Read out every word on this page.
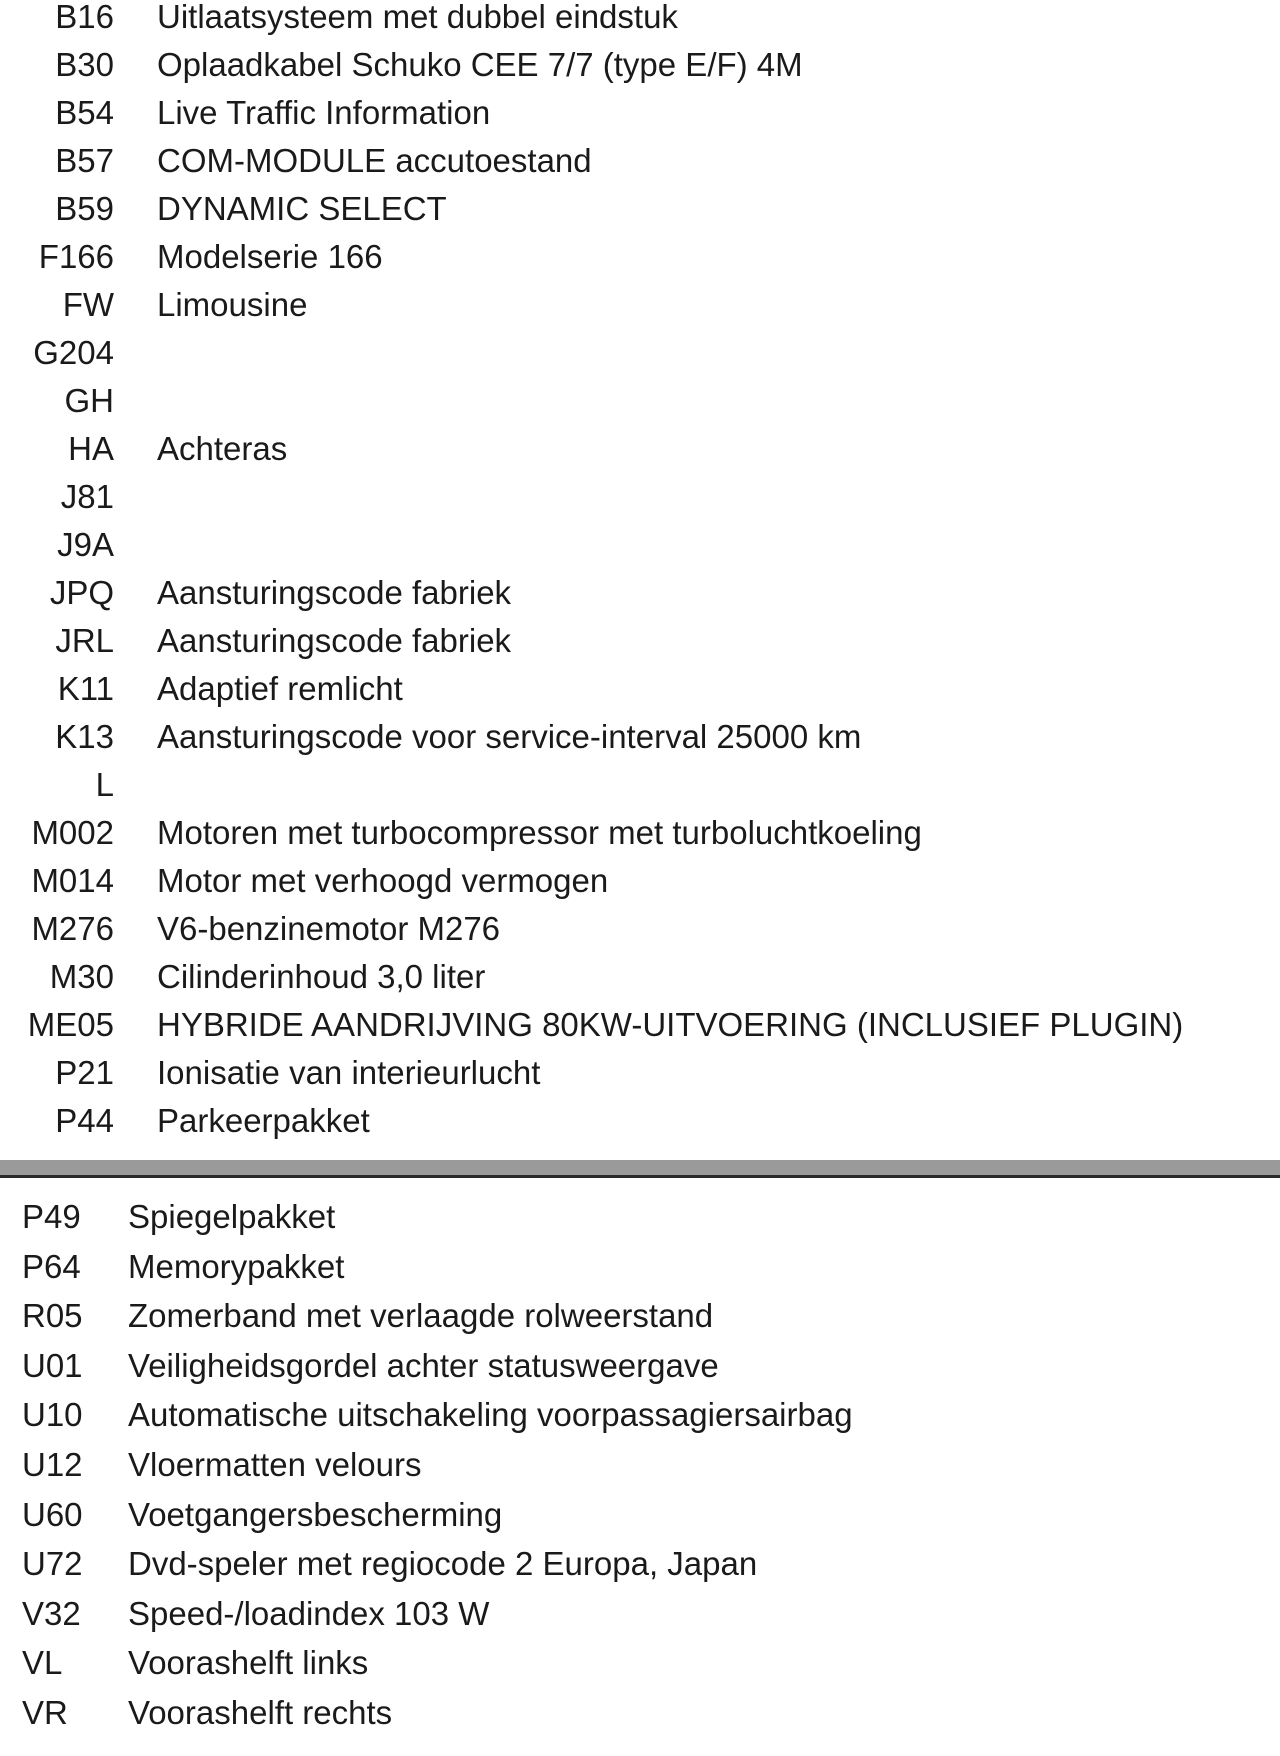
B16 Uitlaatsysteem met dubbel eindstuk
B30 Oplaadkabel Schuko CEE 7/7 (type E/F) 4M
B54 Live Traffic Information
B57 COM-MODULE accutoestand
B59 DYNAMIC SELECT
F166 Modelserie 166
FW Limousine
G204
GH
HA Achteras
J81
J9A
JPQ Aansturingscode fabriek
JRL Aansturingscode fabriek
K11 Adaptief remlicht
K13 Aansturingscode voor service-interval 25000 km
L
M002 Motoren met turbocompressor met turboluchtkoeling
M014 Motor met verhoogd vermogen
M276 V6-benzinemotor M276
M30 Cilinderinhoud 3,0 liter
ME05 HYBRIDE AANDRIJVING 80KW-UITVOERING (INCLUSIEF PLUGIN)
P21 Ionisatie van interieurlucht
P44 Parkeerpakket
P49 Spiegelpakket
P64 Memorypakket
R05 Zomerband met verlaagde rolweerstand
U01 Veiligheidsgordel achter statusweergave
U10 Automatische uitschakeling voorpassagiersairbag
U12 Vloermatten velours
U60 Voetgangersbescherming
U72 Dvd-speler met regiocode 2 Europa, Japan
V32 Speed-/loadindex 103 W
VL Voorashelft links
VR Voorashelft rechts
